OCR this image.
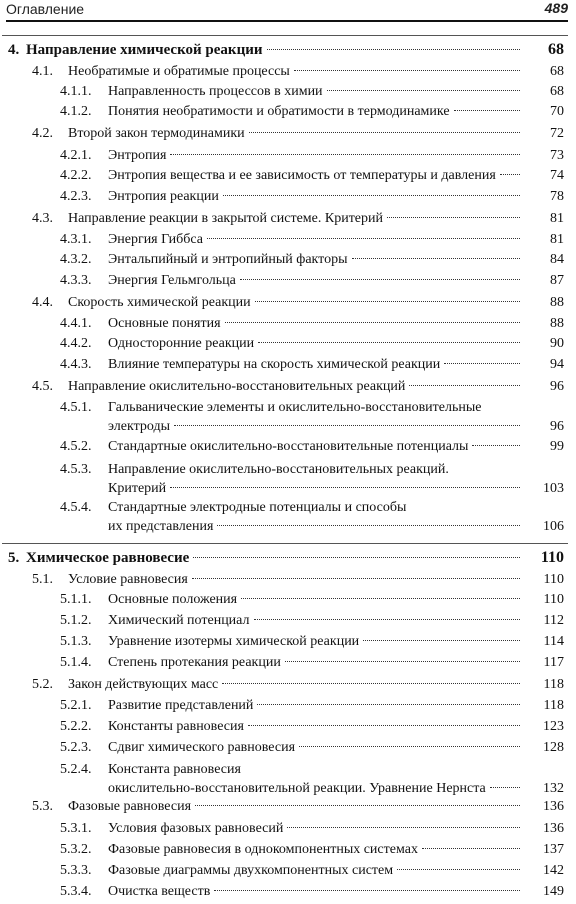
Оглавление	489
4. Направление химической реакции	68
4.1. Необратимые и обратимые процессы	68
4.1.1. Направленность процессов в химии	68
4.1.2. Понятия необратимости и обратимости в термодинамике	70
4.2. Второй закон термодинамики	72
4.2.1. Энтропия	73
4.2.2. Энтропия вещества и ее зависимость от температуры и давления	74
4.2.3. Энтропия реакции	78
4.3. Направление реакции в закрытой системе. Критерий	81
4.3.1. Энергия Гиббса	81
4.3.2. Энтальпийный и энтропийный факторы	84
4.3.3. Энергия Гельмгольца	87
4.4. Скорость химической реакции	88
4.4.1. Основные понятия	88
4.4.2. Односторонние реакции	90
4.4.3. Влияние температуры на скорость химической реакции	94
4.5. Направление окислительно-восстановительных реакций	96
4.5.1. Гальванические элементы и окислительно-восстановительные
электроды	96
4.5.2. Стандартные окислительно-восстановительные потенциалы	99
4.5.3. Направление окислительно-восстановительных реакций.
Критерий	103
4.5.4. Стандартные электродные потенциалы и способы
их представления	106
5. Химическое равновесие	110
5.1. Условие равновесия	110
5.1.1. Основные положения	110
5.1.2. Химический потенциал	112
5.1.3. Уравнение изотермы химической реакции	114
5.1.4. Степень протекания реакции	117
5.2. Закон действующих масс	118
5.2.1. Развитие представлений	118
5.2.2. Константы равновесия	123
5.2.3. Сдвиг химического равновесия	128
5.2.4. Константа равновесия
окислительно-восстановительной реакции. Уравнение Нернста	132
5.3. Фазовые равновесия	136
5.3.1. Условия фазовых равновесий	136
5.3.2. Фазовые равновесия в однокомпонентных системах	137
5.3.3. Фазовые диаграммы двухкомпонентных систем	142
5.3.4. Очистка веществ	149
